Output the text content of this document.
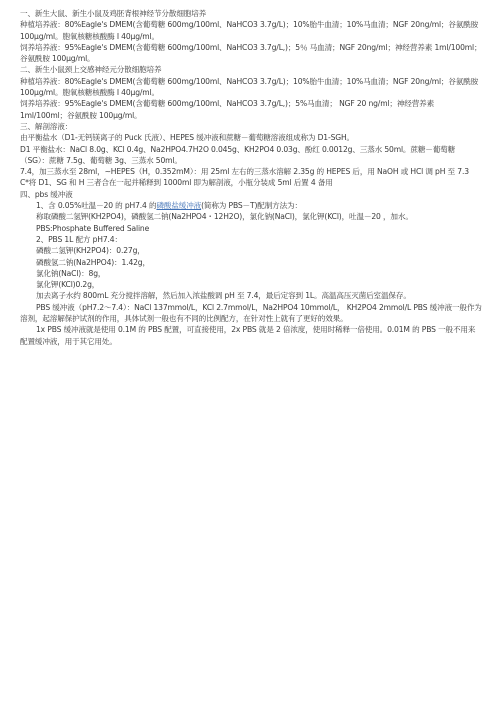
一、新生大鼠、新生小鼠及鸡胚背根神经节分散细胞培养

种植培养液：80%Eagle's DMEM(含葡萄糖 600mg/100ml、NaHCO3 3.7g/L)；10%胎牛血清；10%马血清；NGF 20ng/ml；谷氨酰胺 100μg/ml。胞氧核糖核酸酶 I 40μg/ml。

饲养培养液：95%Eagle's DMEM(含葡萄糖 600mg/100ml、NaHCO3 3.7g/L,)；5％ 马血清；NGF 20ng/ml；神经营养素 1ml/100ml；谷氨酰胺 100μg/ml。

二、新生小鼠颈上交感神经元分散细胞培养

种植培养液：80%Eagle's DMEM(含葡萄糖 600mg/100ml、NaHCO3 3.7g/L)；10%胎牛血清；10%马血清；NGF 20ng/ml；谷氨酰胺 100μg/ml。胞氧核糖核酸酶 I 40μg/ml。

饲养培养液：95%Eagle's DMEM(含葡萄糖 600mg/100ml、NaHCO3 3.7g/L,)；5%马血清； NGF 20 ng/ml；神经营养素 1ml/100ml；谷氨酰胺 100μg/ml。

三、解剖溶液：

由平衡盐水（D1-无钙镁离子的 Puck 氏液）、HEPES 缓冲液和蔗糖－葡萄糖溶液组成称为 D1-SGH。

D1 平衡盐水：NaCl 8.0g、KCl 0.4g、Na2HPO4.7H2O 0.045g、KH2PO4 0.03g、酚红 0.0012g、三蒸水 50ml。蔗糖－葡萄糖（SG）：蔗糖 7.5g、葡萄糖 3g、三蒸水 50ml。

7.4，加三蒸水至 28ml，~HEPES（H，0.352mM）：用 25ml 左右的三蒸水溶解 2.35g 的 HEPES 后，用 NaOH 或 HCl 调 pH 至 7.3

C*将 D1、SG 和 H 三者合在一起并稀释到 1000ml 即为解剖液，小瓶分装成 5ml 后置 4 备用

四、pbs 缓冲液

1、含 0.05%吐温－20 的 pH7.4 的磷酸盐缓冲液(简称为 PBS－T)配制方法为：

称取磷酸二氢钾(KH2PO4)，磷酸氢二钠(Na2HPO4・12H2O)，氯化钠(NaCl)，氯化钾(KCl)，吐温－20 ，加水。

PBS:Phosphate Buffered Saline

2、PBS 1L 配方 pH7.4：

磷酸二氢钾(KH2PO4)：0.27g，

磷酸氢二钠(Na2HPO4)：1.42g，

氯化钠(NaCl)：8g，

氯化钾(KCl)0.2g，

加去离子水约 800mL 充分搅拌溶解，然后加入浓盐酸调 pH 至 7.4，最后定容到 1L。高温高压灭菌后室温保存。

PBS 缓冲液（pH7.2～7.4）：NaCl 137mmol/L，KCl 2.7mmol/L，Na2HPO4 10mmol/L， KH2PO4 2mmol/L PBS 缓冲液一般作为溶剂，起溶解保护试剂的作用，具体试剂一般也有不同的比例配方，在针对性上就有了更好的效果。

1x PBS 缓冲液就是使用 0.1M 的 PBS 配置，可直接使用，2x PBS 就是 2 倍浓度，使用时稀释一倍使用。0.01M 的 PBS 一般不用来配置缓冲液，用于其它用处。
